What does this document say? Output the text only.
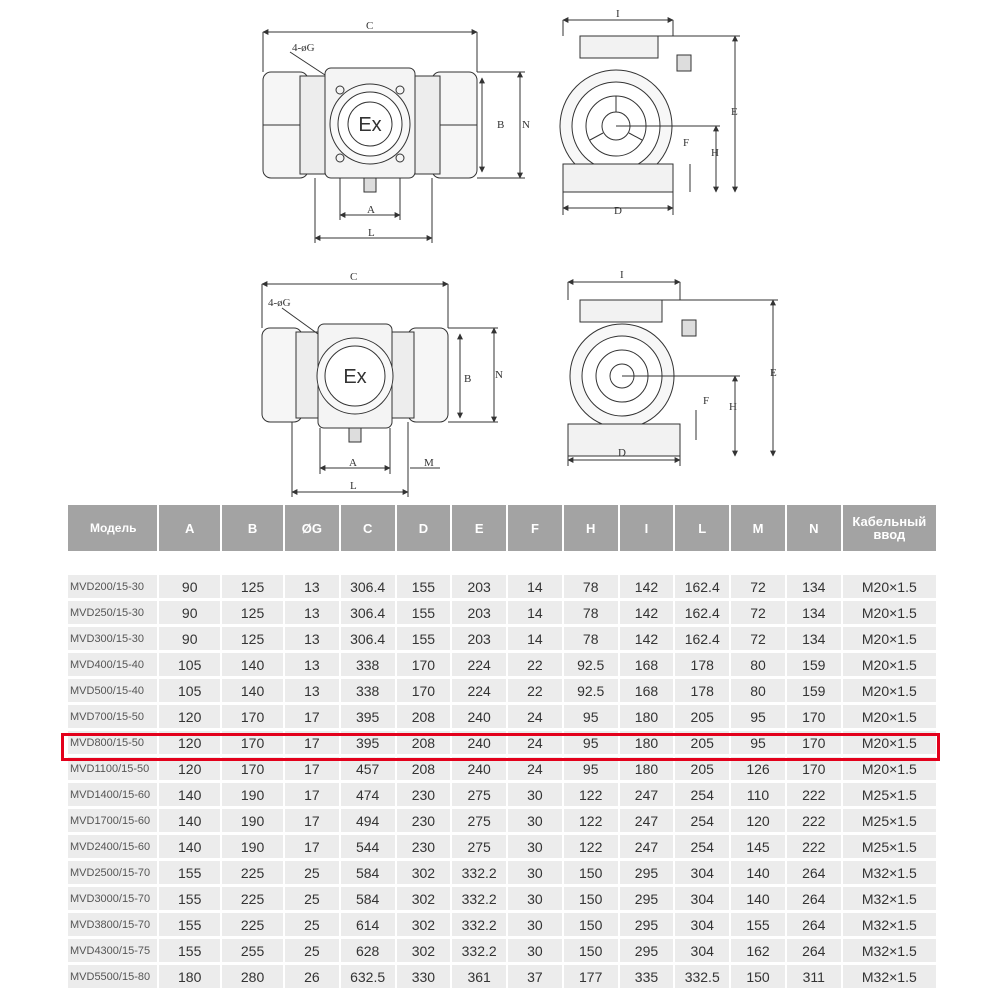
C
4-øG
B N
A
L
Ex
I
E
F
H
D
C
4-øG
B N
A
L
M
Ex
I
E
F H
D
Модель	A	B	ØG	C	D	E	F	H	I	L	M	N	Кабельный ввод

MVD200/15-30	90	125	13	306.4	155	203	14	78	142	162.4	72	134	M20×1.5
MVD250/15-30	90	125	13	306.4	155	203	14	78	142	162.4	72	134	M20×1.5
MVD300/15-30	90	125	13	306.4	155	203	14	78	142	162.4	72	134	M20×1.5
MVD400/15-40	105	140	13	338	170	224	22	92.5	168	178	80	159	M20×1.5
MVD500/15-40	105	140	13	338	170	224	22	92.5	168	178	80	159	M20×1.5
MVD700/15-50	120	170	17	395	208	240	24	95	180	205	95	170	M20×1.5
MVD800/15-50	120	170	17	395	208	240	24	95	180	205	95	170	M20×1.5
MVD1100/15-50	120	170	17	457	208	240	24	95	180	205	126	170	M20×1.5
MVD1400/15-60	140	190	17	474	230	275	30	122	247	254	110	222	M25×1.5
MVD1700/15-60	140	190	17	494	230	275	30	122	247	254	120	222	M25×1.5
MVD2400/15-60	140	190	17	544	230	275	30	122	247	254	145	222	M25×1.5
MVD2500/15-70	155	225	25	584	302	332.2	30	150	295	304	140	264	M32×1.5
MVD3000/15-70	155	225	25	584	302	332.2	30	150	295	304	140	264	M32×1.5
MVD3800/15-70	155	225	25	614	302	332.2	30	150	295	304	155	264	M32×1.5
MVD4300/15-75	155	255	25	628	302	332.2	30	150	295	304	162	264	M32×1.5
MVD5500/15-80	180	280	26	632.5	330	361	37	177	335	332.5	150	311	M32×1.5
